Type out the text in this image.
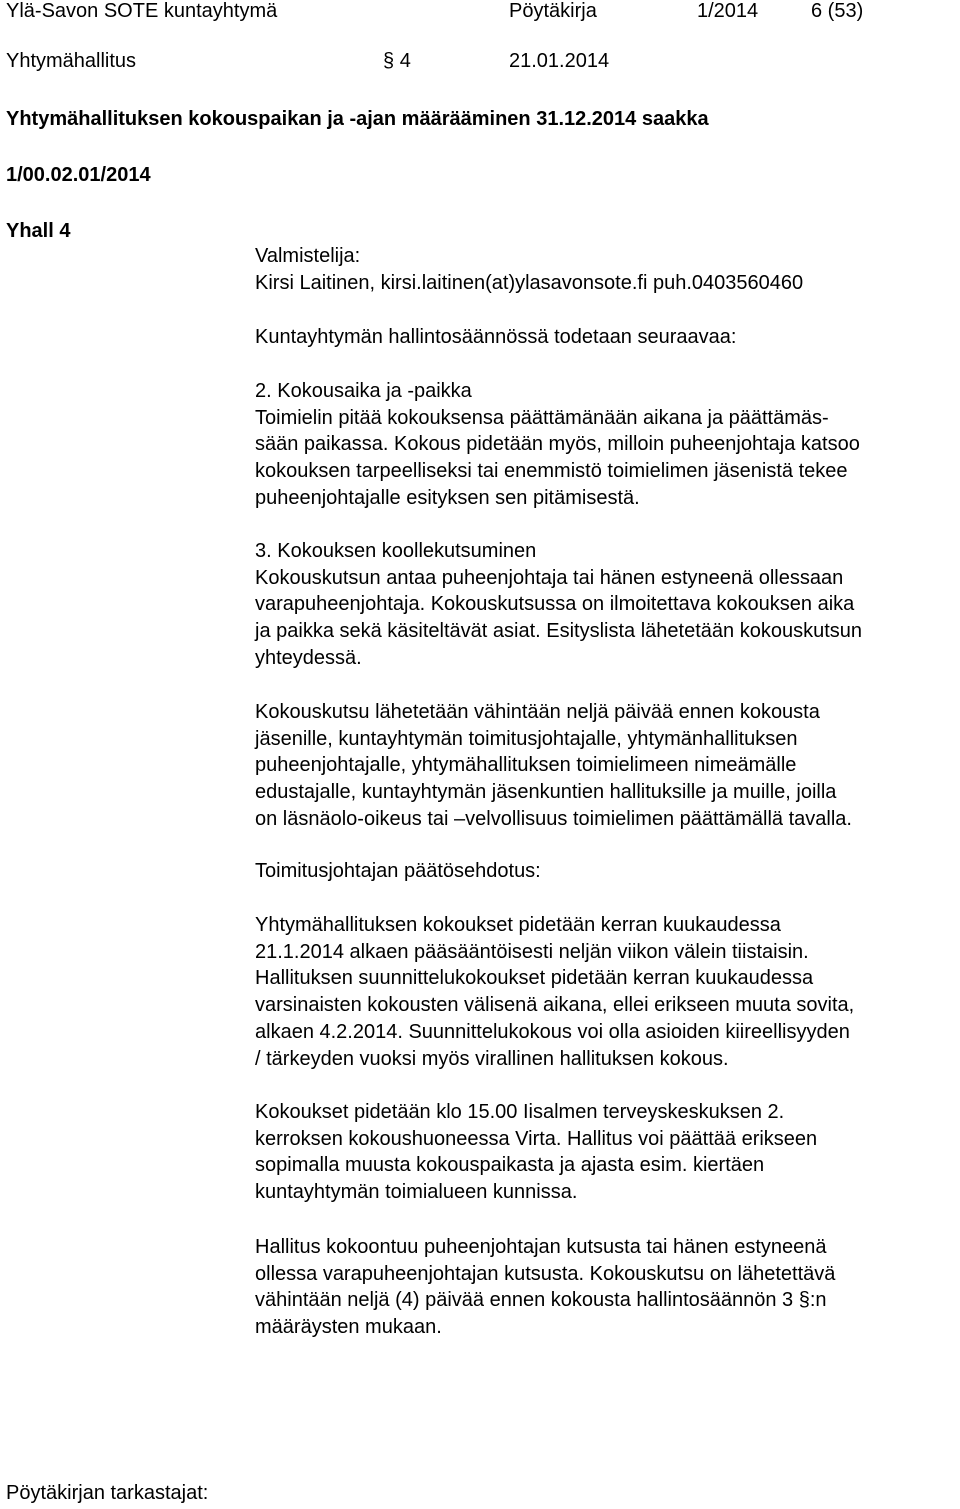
Ylä-Savon SOTE kuntayhtymä	Pöytäkirja	1/2014	6 (53)
Yhtymähallitus	§ 4	21.01.2014
Yhtymähallituksen kokouspaikan ja -ajan määrääminen 31.12.2014 saakka
1/00.02.01/2014
Yhall 4

Valmistelija:

Kirsi Laitinen, kirsi.laitinen(at)ylasavonsote.fi puh.0403560460

Kuntayhtymän hallintosäännössä todetaan seuraavaa:

2. Kokousaika ja -paikka

Toimielin pitää kokouksensa päättämänään aikana ja päättämäs-

sään paikassa. Kokous pidetään myös, milloin puheenjohtaja katsoo

kokouksen tarpeelliseksi tai enemmistö toimielimen jäsenistä tekee

puheenjohtajalle esityksen sen pitämisestä.

3. Kokouksen koollekutsuminen

Kokouskutsun antaa puheenjohtaja tai hänen estyneenä ollessaan

varapuheenjohtaja. Kokouskutsussa on ilmoitettava kokouksen aika

ja paikka sekä käsiteltävät asiat. Esityslista lähetetään kokouskutsun

yhteydessä.

Kokouskutsu lähetetään vähintään neljä päivää ennen kokousta

jäsenille, kuntayhtymän toimitusjohtajalle, yhtymänhallituksen

puheenjohtajalle, yhtymähallituksen toimielimeen nimeämälle

edustajalle, kuntayhtymän jäsenkuntien hallituksille ja muille, joilla

on läsnäolo-oikeus tai –velvollisuus toimielimen päättämällä tavalla.

Toimitusjohtajan päätösehdotus:

Yhtymähallituksen kokoukset pidetään kerran kuukaudessa

21.1.2014 alkaen pääsääntöisesti neljän viikon välein tiistaisin.

Hallituksen suunnittelukokoukset pidetään kerran kuukaudessa

varsinaisten kokousten välisenä aikana, ellei erikseen muuta sovita,

alkaen 4.2.2014. Suunnittelukokous voi olla asioiden kiireellisyyden

/ tärkeyden vuoksi myös virallinen hallituksen kokous.

Kokoukset pidetään klo 15.00 Iisalmen terveyskeskuksen 2.

kerroksen kokoushuoneessa Virta. Hallitus voi päättää erikseen

sopimalla muusta kokouspaikasta ja ajasta esim. kiertäen

kuntayhtymän toimialueen kunnissa.

Hallitus kokoontuu puheenjohtajan kutsusta tai hänen estyneenä

ollessa varapuheenjohtajan kutsusta. Kokouskutsu on lähetettävä

vähintään neljä (4) päivää ennen kokousta hallintosäännön 3 §:n

määräysten mukaan.

Pöytäkirjan tarkastajat:
